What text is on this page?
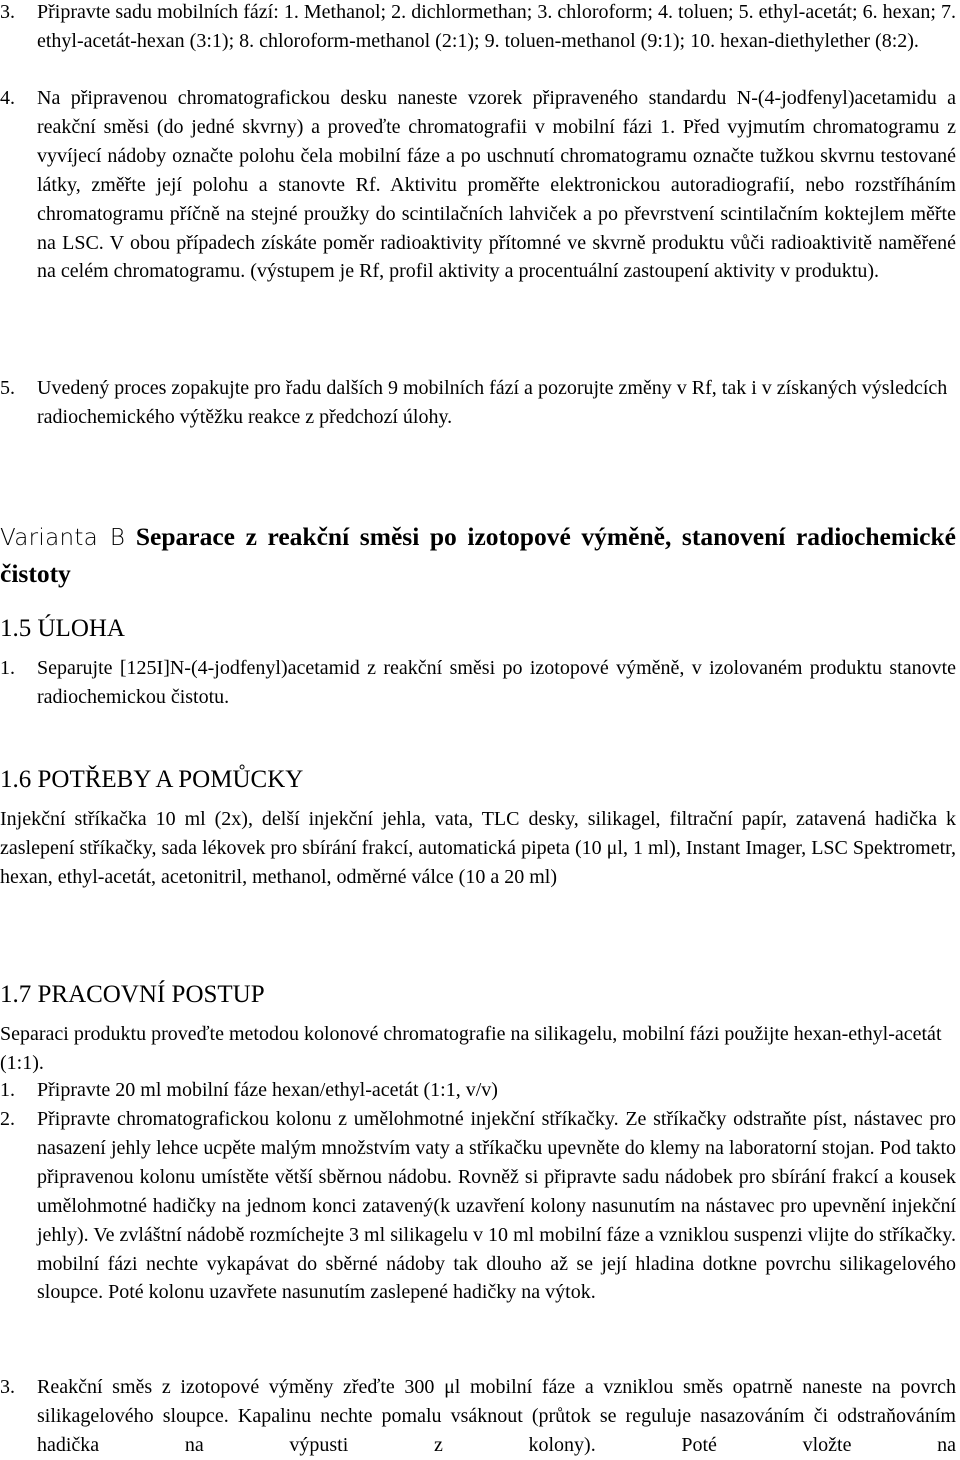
3. Připravte sadu mobilních fází: 1. Methanol; 2. dichlormethan; 3. chloroform; 4. toluen; 5. ethyl-acetát; 6. hexan; 7. ethyl-acetát-hexan (3:1); 8. chloroform-methanol (2:1); 9. toluen-methanol (9:1); 10. hexan-diethylether (8:2).
4. Na připravenou chromatografickou desku naneste vzorek připraveného standardu N-(4-jodfenyl)acetamidu a reakční směsi (do jedné skvrny) a proveďte chromatografii v mobilní fázi 1. Před vyjmutím chromatogramu z vyvíjecí nádoby označte polohu čela mobilní fáze a po uschnutí chromatogramu označte tužkou skvrnu testované látky, změřte její polohu a stanovte Rf. Aktivitu proměřte elektronickou autoradiografií, nebo rozstříháním chromatogramu příčně na stejné proužky do scintilačních lahviček a po převrstvení scintilačním koktejlem měřte na LSC. V obou případech získáte poměr radioaktivity přítomné ve skvrně produktu vůči radioaktivitě naměřené na celém chromatogramu. (výstupem je Rf, profil aktivity a procentuální zastoupení aktivity v produktu).
5. Uvedený proces zopakujte pro řadu dalších 9 mobilních fází a pozorujte změny v Rf, tak i v získaných výsledcích radiochemického výtěžku reakce z předchozí úlohy.
Varianta B Separace z reakční směsi po izotopové výměně, stanovení radiochemické čistoty
1.5 ÚLOHA
1. Separujte [125I]N-(4-jodfenyl)acetamid z reakční směsi po izotopové výměně, v izolovaném produktu stanovte radiochemickou čistotu.
1.6 POTŘEBY A POMŮCKY
Injekční stříkačka 10 ml (2x), delší injekční jehla, vata, TLC desky, silikagel, filtrační papír, zatavená hadička k zaslepení stříkačky, sada lékovek pro sbírání frakcí, automatická pipeta (10 μl, 1 ml), Instant Imager, LSC Spektrometr, hexan, ethyl-acetát, acetonitril, methanol, odměrné válce (10 a 20 ml)
1.7 PRACOVNÍ POSTUP
Separaci produktu proveďte metodou kolonové chromatografie na silikagelu, mobilní fázi použijte hexan-ethyl-acetát (1:1).
1. Připravte 20 ml mobilní fáze hexan/ethyl-acetát (1:1, v/v)
2. Připravte chromatografickou kolonu z umělohmotné injekční stříkačky. Ze stříkačky odstraňte píst, nástavec pro nasazení jehly lehce ucpěte malým množstvím vaty a stříkačku upevněte do klemy na laboratorní stojan. Pod takto připravenou kolonu umístěte větší sběrnou nádobu. Rovněž si připravte sadu nádobek pro sbírání frakcí a kousek umělohmotné hadičky na jednom konci zatavený(k uzavření kolony nasunutím na nástavec pro upevnění injekční jehly). Ve zvláštní nádobě rozmíchejte 3 ml silikagelu v 10 ml mobilní fáze a vzniklou suspenzi vlijte do stříkačky. mobilní fázi nechte vykapávat do sběrné nádoby tak dlouho až se její hladina dotkne povrchu silikagelového sloupce. Poté kolonu uzavřete nasunutím zaslepené hadičky na výtok.
3. Reakční směs z izotopové výměny zřeďte 300 μl mobilní fáze a vzniklou směs opatrně naneste na povrch silikagelového sloupce. Kapalinu nechte pomalu vsáknout (průtok se reguluje nasazováním či odstraňováním hadička na výpusti z kolony). Poté vložte na
